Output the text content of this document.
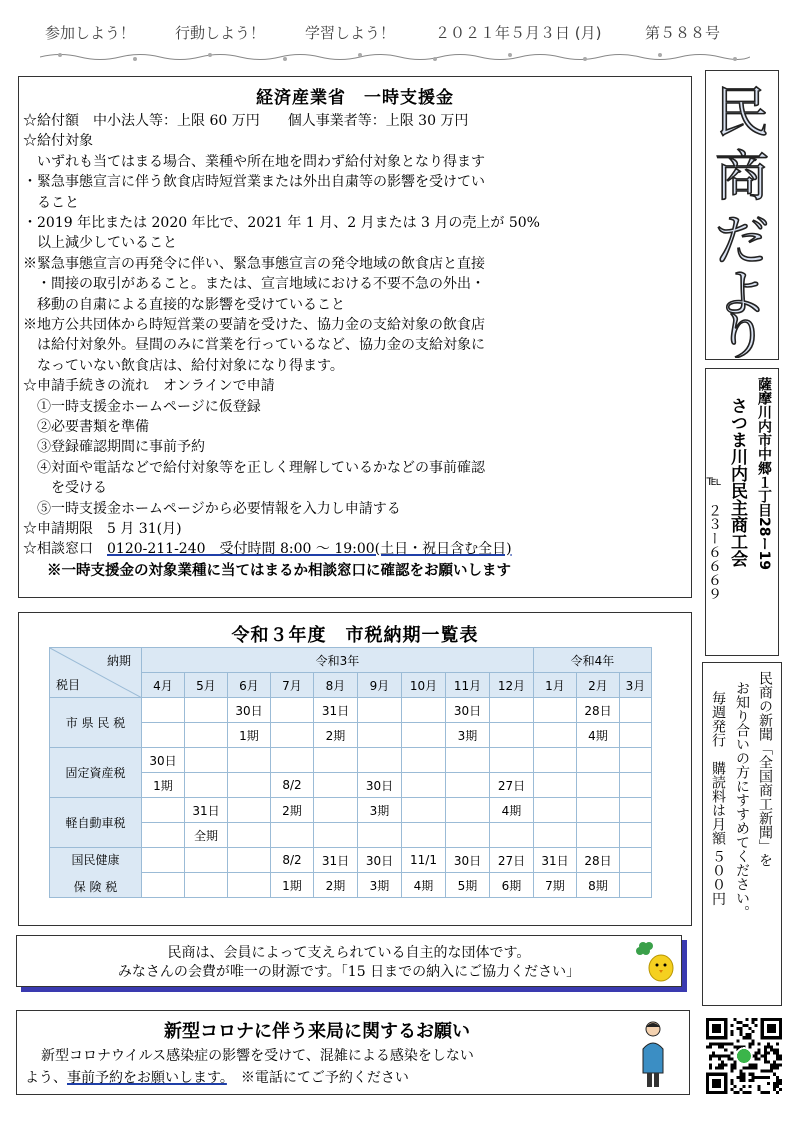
参加しよう！	行動しよう！	学習しよう！	２０２１年５月３日 (月)	第５８８号
経済産業省　一時支援金
☆給付額　中小法人等：上限 60 万円　　個人事業者等：上限 30 万円
☆給付対象
　いずれも当てはまる場合、業種や所在地を問わず給付対象となり得ます
・緊急事態宣言に伴う飲食店時短営業または外出自粛等の影響を受けてい
　ること
・2019 年比または 2020 年比で、2021 年 1 月、2 月または 3 月の売上が 50%
　以上減少していること
※緊急事態宣言の再発令に伴い、緊急事態宣言の発令地域の飲食店と直接
　・間接の取引があること。または、宣言地域における不要不急の外出・
　移動の自粛による直接的な影響を受けていること
※地方公共団体から時短営業の要請を受けた、協力金の支給対象の飲食店
　は給付対象外。昼間のみに営業を行っているなど、協力金の支給対象に
　なっていない飲食店は、給付対象になり得ます。
☆申請手続きの流れ　オンラインで申請
　①一時支援金ホームページに仮登録
　②必要書類を準備
　③登録確認期間に事前予約
　④対面や電話などで給付対象等を正しく理解しているかなどの事前確認
　　を受ける
　⑤一時支援金ホームページから必要情報を入力し申請する
☆申請期限　5 月 31(月)
☆相談窓口　0120-211-240　受付時間 8:00 ～ 19:00(土日・祝日含む全日)
※一時支援金の対象業種に当てはまるか相談窓口に確認をお願いします
民
商
だ
よ
り
薩摩川内市中郷１丁目28ー19
さつま川内民主商工会
℡　２３ー６６６９
民商の新聞「全国商工新聞」を
お知り合いの方にすすめてください。
毎週発行　購読料は月額 ５００円
令和３年度　市税納期一覧表
納期
税目	令和3年									令和4年		
	4月	5月	6月	7月	8月	9月	10月	11月	12月	1月	2月	3月
市 県 民 税			30日		31日			30日			28日	
			1期		2期			3期			4期	
固定資産税	30日											
	1期			8/2		30日			27日			
軽自動車税		31日		2期		3期			4期			
		全期										

国民健康
保 険 税				8/2	31日	30日	11/1	30日	27日	31日	28日	
				1期	2期	3期	4期	5期	6期	7期	8期	
民商は、会員によって支えられている自主的な団体です。
みなさんの会費が唯一の財源です。「15 日までの納入にご協力ください」
新型コロナに伴う来局に関するお願い
新型コロナウイルス感染症の影響を受けて、混雑による感染をしない
よう、事前予約をお願いします。　※電話にてご予約ください
